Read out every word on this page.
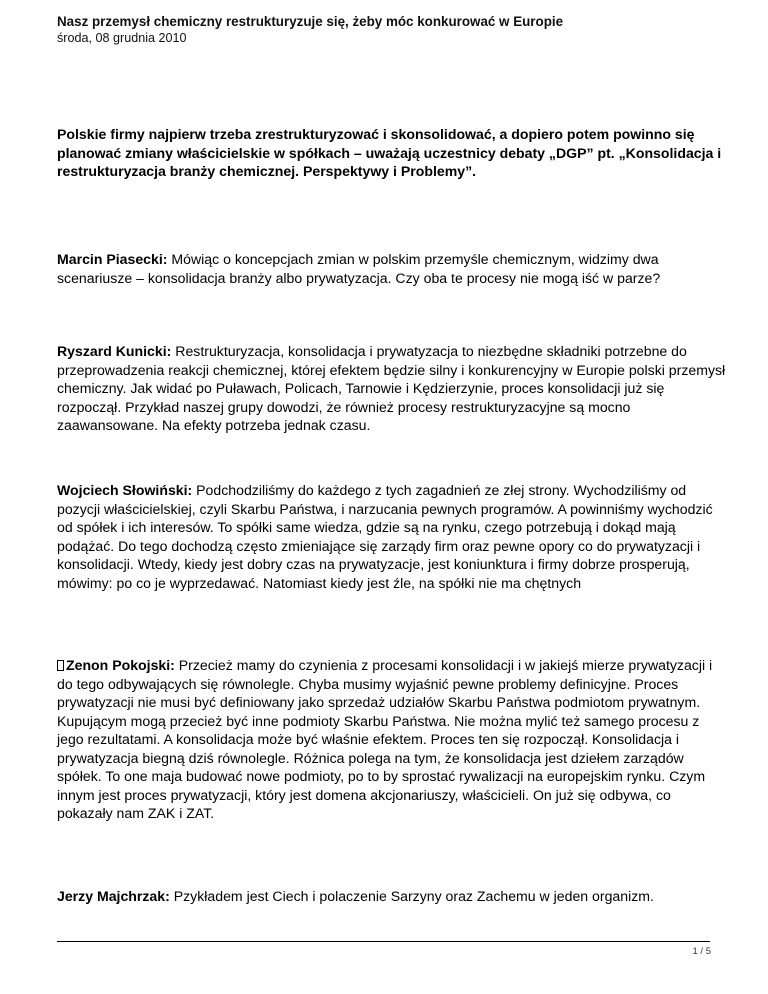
Nasz przemysł chemiczny restrukturyzuje się, żeby móc konkurować w Europie
środa, 08 grudnia 2010
Polskie firmy najpierw trzeba zrestrukturyzować i skonsolidować, a dopiero potem powinno się planować zmiany właścicielskie w spółkach – uważają uczestnicy debaty „DGP” pt. „Konsolidacja i restrukturyzacja branży chemicznej. Perspektywy i Problemy”.
Marcin Piasecki: Mówiąc o koncepcjach zmian w polskim przemyśle chemicznym, widzimy dwa scenariusze – konsolidacja branży albo prywatyzacja. Czy oba te procesy nie mogą iść w parze?
Ryszard Kunicki: Restrukturyzacja, konsolidacja i prywatyzacja to niezbędne składniki potrzebne do przeprowadzenia reakcji chemicznej, której efektem będzie silny i konkurencyjny w Europie polski przemysł chemiczny. Jak widać po Puławach, Policach, Tarnowie i Kędzierzynie, proces konsolidacji już się rozpoczął. Przykład naszej grupy dowodzi, że również procesy restrukturyzacyjne są mocno zaawansowane. Na efekty potrzeba jednak czasu.
Wojciech Słowiński: Podchodziliśmy do każdego z tych zagadnień ze złej strony. Wychodziliśmy od pozycji właścicielskiej, czyli Skarbu Państwa, i narzucania pewnych programów. A powinniśmy wychodzić od spółek i ich interesów. To spółki same wiedza, gdzie są na rynku, czego potrzebują i dokąd mają podążać. Do tego dochodzą często zmieniające się zarządy firm oraz pewne opory co do prywatyzacji i konsolidacji. Wtedy, kiedy jest dobry czas na prywatyzacje, jest koniunktura i firmy dobrze prosperują, mówimy: po co je wyprzedawać. Natomiast kiedy jest źle, na spółki nie ma chętnych
Zenon Pokojski: Przecież mamy do czynienia z procesami konsolidacji i w jakiejś mierze prywatyzacji i do tego odbywających się równolegle. Chyba musimy wyjaśnić pewne problemy definicyjne. Proces prywatyzacji nie musi być definiowany jako sprzedaż udziałów Skarbu Państwa podmiotom prywatnym. Kupującym mogą przecież być inne podmioty Skarbu Państwa. Nie można mylić też samego procesu z jego rezultatami. A konsolidacja może być właśnie efektem. Proces ten się rozpoczął. Konsolidacja i prywatyzacja biegną dziś równolegle. Różnica polega na tym, że konsolidacja jest dziełem zarządów spółek. To one maja budować nowe podmioty, po to by sprostać rywalizacji na europejskim rynku. Czym innym jest proces prywatyzacji, który jest domena akcjonariuszy, właścicieli. On już się odbywa, co pokazały nam ZAK i ZAT.
Jerzy Majchrzak: Pzykładem jest Ciech i polaczenie Sarzyny oraz Zachemu w jeden organizm.
1 / 5
